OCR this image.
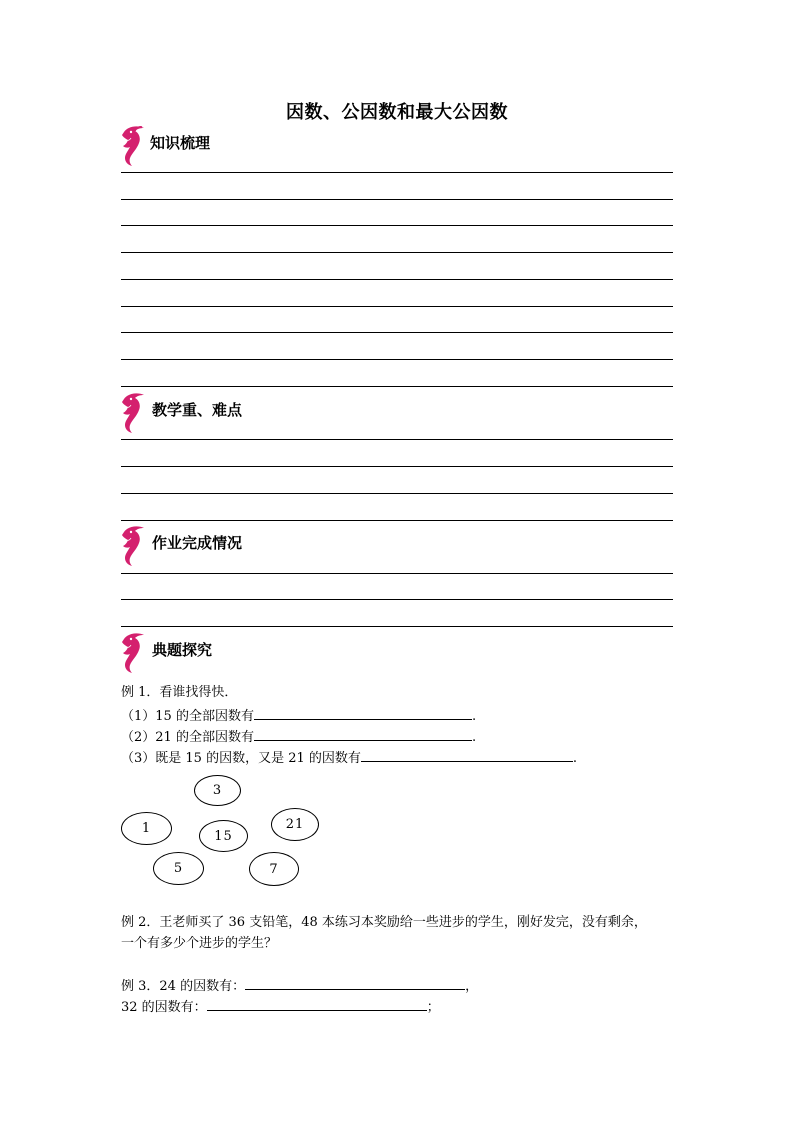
因数、公因数和最大公因数
知识梳理
教学重、难点
作业完成情况
典题探究
例 1．看谁找得快．
（1）15 的全部因数有	.
（2）21 的全部因数有	.
（3）既是 15 的因数，又是 21 的因数有	.
3
1	15
21
5	7
例 2．王老师买了 36 支铅笔，48 本练习本奖励给一些进步的学生，刚好发完，没有剩余，
一个有多少个进步的学生？
例 3．24 的因数有：	，
32 的因数有：	；
